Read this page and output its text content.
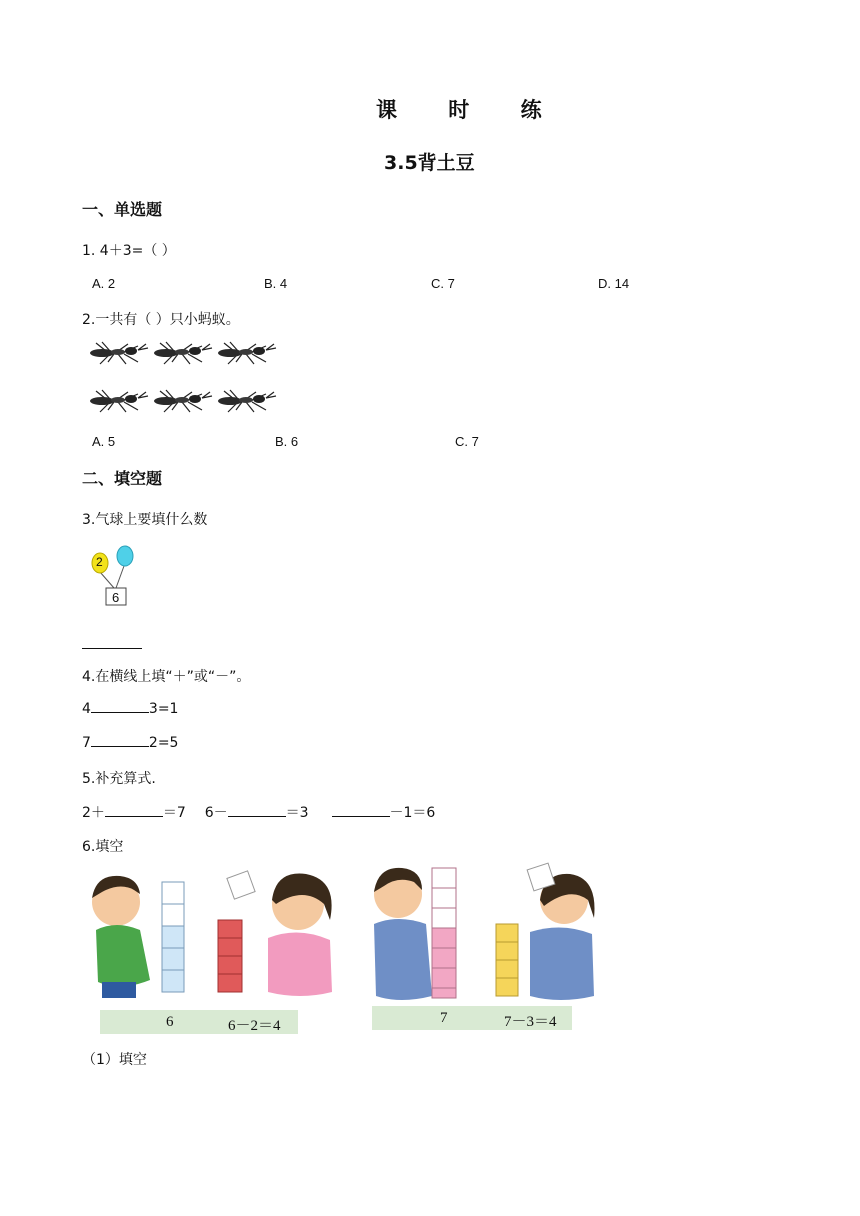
课 时 练
3.5背土豆
一、单选题
1. 4＋3=（ ）
A. 2	B. 4	C. 7	D. 14
2.一共有（ ）只小蚂蚁。
A. 5	B. 6	C. 7
二、填空题
3.气球上要填什么数
2
6
4.在横线上填“＋”或“－”。
4	3=1
7	2=5
5.补充算式.
2＋	＝7 6－	＝3	－1＝6
6.填空
6	6－2＝4	7	7－3＝4
（1）填空
